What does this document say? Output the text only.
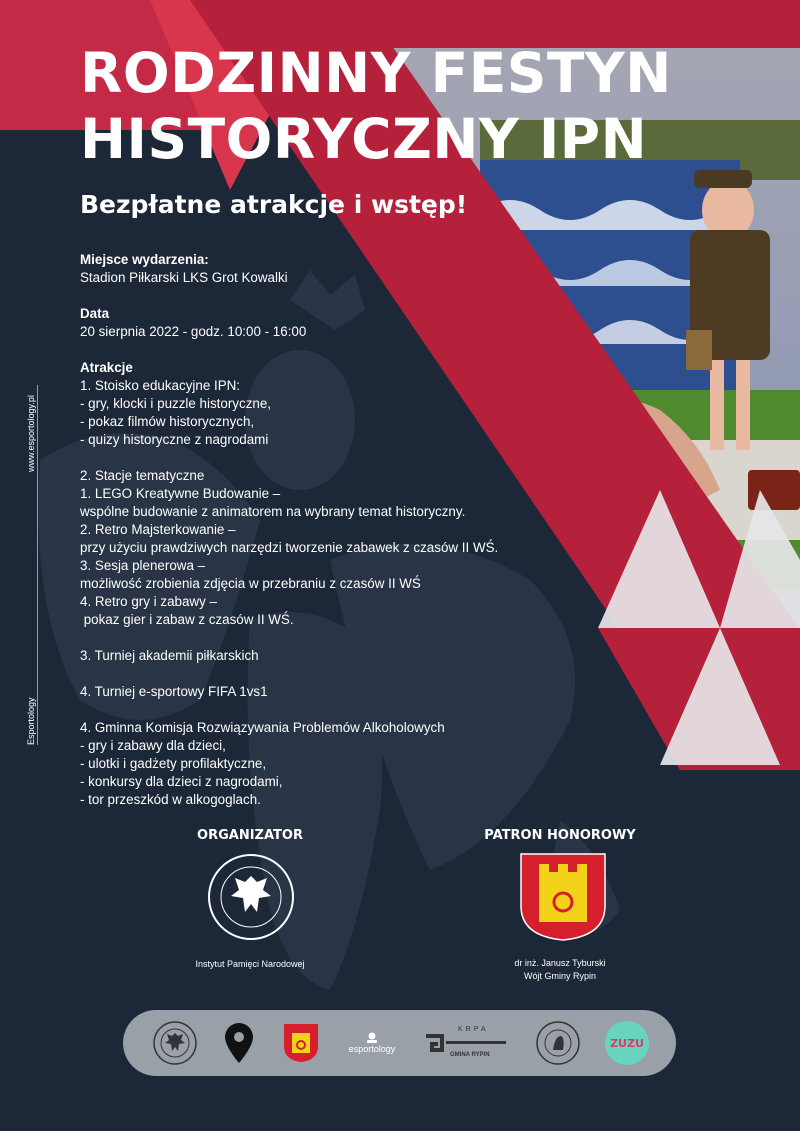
RODZINNY FESTYN HISTORYCZNY IPN
Bezpłatne atrakcje i wstęp!
Miejsce wydarzenia:
Stadion Piłkarski LKS Grot Kowalki
Data
20 sierpnia 2022 - godz. 10:00 - 16:00
Atrakcje
1. Stoisko edukacyjne IPN:
- gry, klocki i puzzle historyczne,
- pokaz filmów historycznych,
- quizy historyczne z nagrodami
2. Stacje tematyczne
1. LEGO Kreatywne Budowanie –
wspólne budowanie z animatorem na wybrany temat historyczny.
2. Retro Majsterkowanie –
przy użyciu prawdziwych narzędzi tworzenie zabawek z czasów II WŚ.
3. Sesja plenerowa –
możliwość zrobienia zdjęcia w przebraniu z czasów II WŚ
4. Retro gry i zabawy –
pokaz gier i zabaw z czasów II WŚ.
3. Turniej akademii piłkarskich
4. Turniej e-sportowy FIFA 1vs1
4. Gminna Komisja Rozwiązywania Problemów Alkoholowych
- gry i zabawy dla dzieci,
- ulotki i gadżety profilaktyczne,
- konkursy dla dzieci z nagrodami,
- tor przeszkód w alkogoglach.
www.esportology.pl
Esportology
ORGANIZATOR
Instytut Pamięci Narodowej
PATRON HONOROWY
dr inż. Janusz Tyburski
Wójt Gminy Rypin
esportology
KRPA
GMINA RYPIN
ZUZU
